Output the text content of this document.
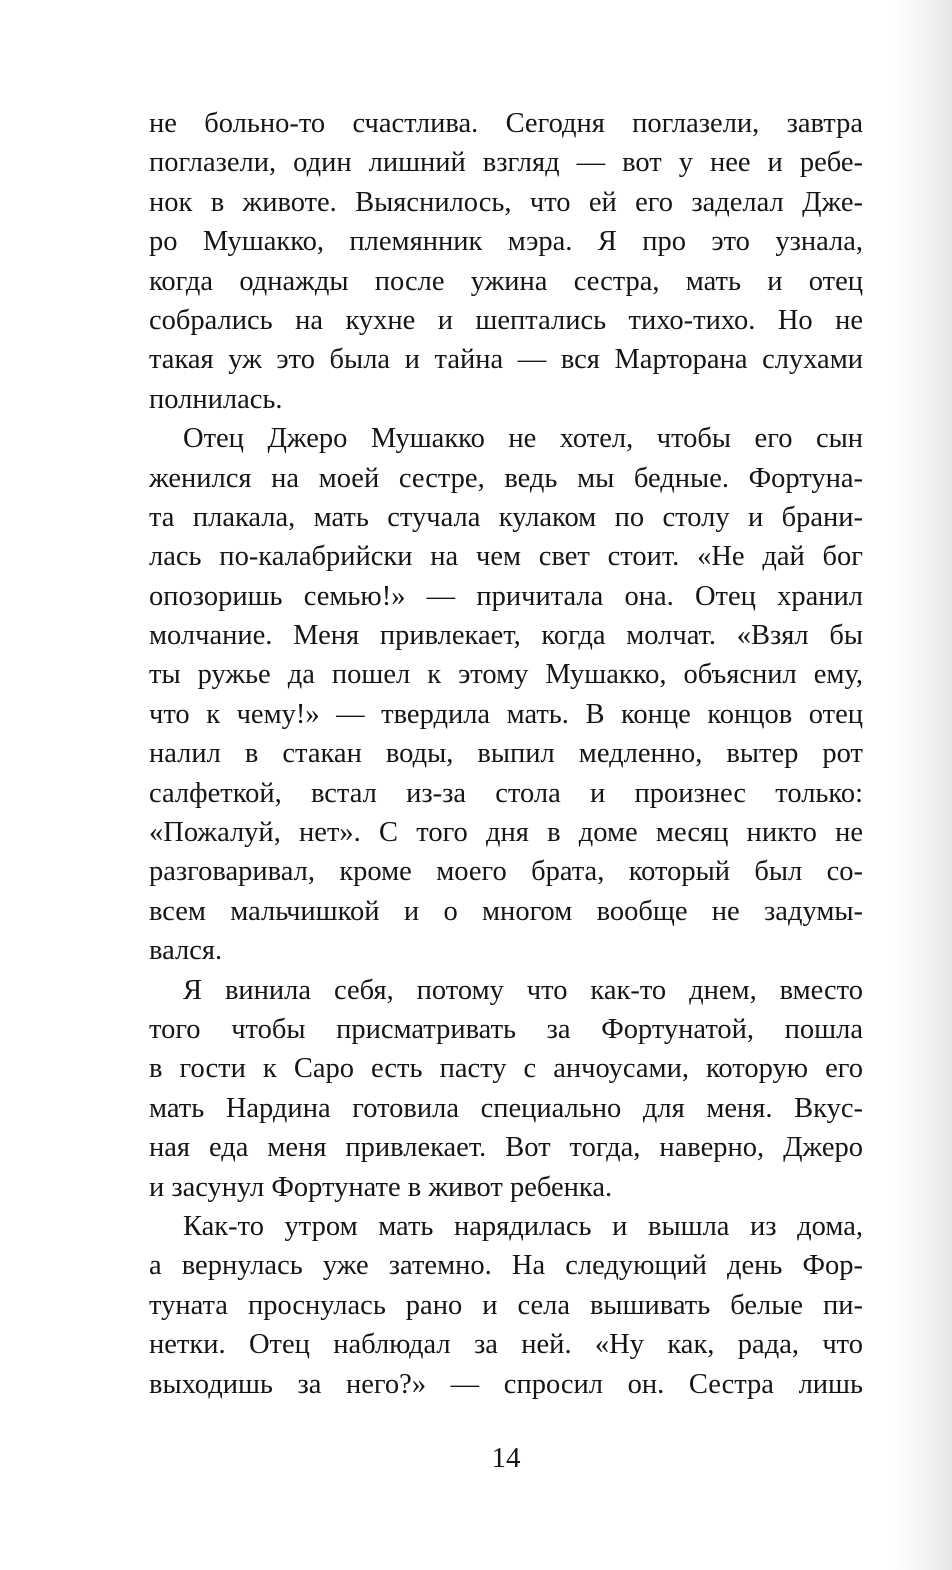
не больно-то счастлива. Сегодня поглазели, завтра
поглазели, один лишний взгляд — вот у нее и ребе-
нок в животе. Выяснилось, что ей его заделал Дже-
ро Мушакко, племянник мэра. Я про это узнала,
когда однажды после ужина сестра, мать и отец
собрались на кухне и шептались тихо-тихо. Но не
такая уж это была и тайна — вся Марторана слухами
полнилась.
Отец Джеро Мушакко не хотел, чтобы его сын
женился на моей сестре, ведь мы бедные. Фортуна-
та плакала, мать стучала кулаком по столу и брани-
лась по-калабрийски на чем свет стоит. «Не дай бог
опозоришь семью!» — причитала она. Отец хранил
молчание. Меня привлекает, когда молчат. «Взял бы
ты ружье да пошел к этому Мушакко, объяснил ему,
что к чему!» — твердила мать. В конце концов отец
налил в стакан воды, выпил медленно, вытер рот
салфеткой, встал из-за стола и произнес только:
«Пожалуй, нет». С того дня в доме месяц никто не
разговаривал, кроме моего брата, который был со-
всем мальчишкой и о многом вообще не задумы-
вался.
Я винила себя, потому что как-то днем, вместо
того чтобы присматривать за Фортунатой, пошла
в гости к Саро есть пасту с анчоусами, которую его
мать Нардина готовила специально для меня. Вкус-
ная еда меня привлекает. Вот тогда, наверно, Джеро
и засунул Фортунате в живот ребенка.
Как-то утром мать нарядилась и вышла из дома,
а вернулась уже затемно. На следующий день Фор-
туната проснулась рано и села вышивать белые пи-
нетки. Отец наблюдал за ней. «Ну как, рада, что
выходишь за него?» — спросил он. Сестра лишь
14
